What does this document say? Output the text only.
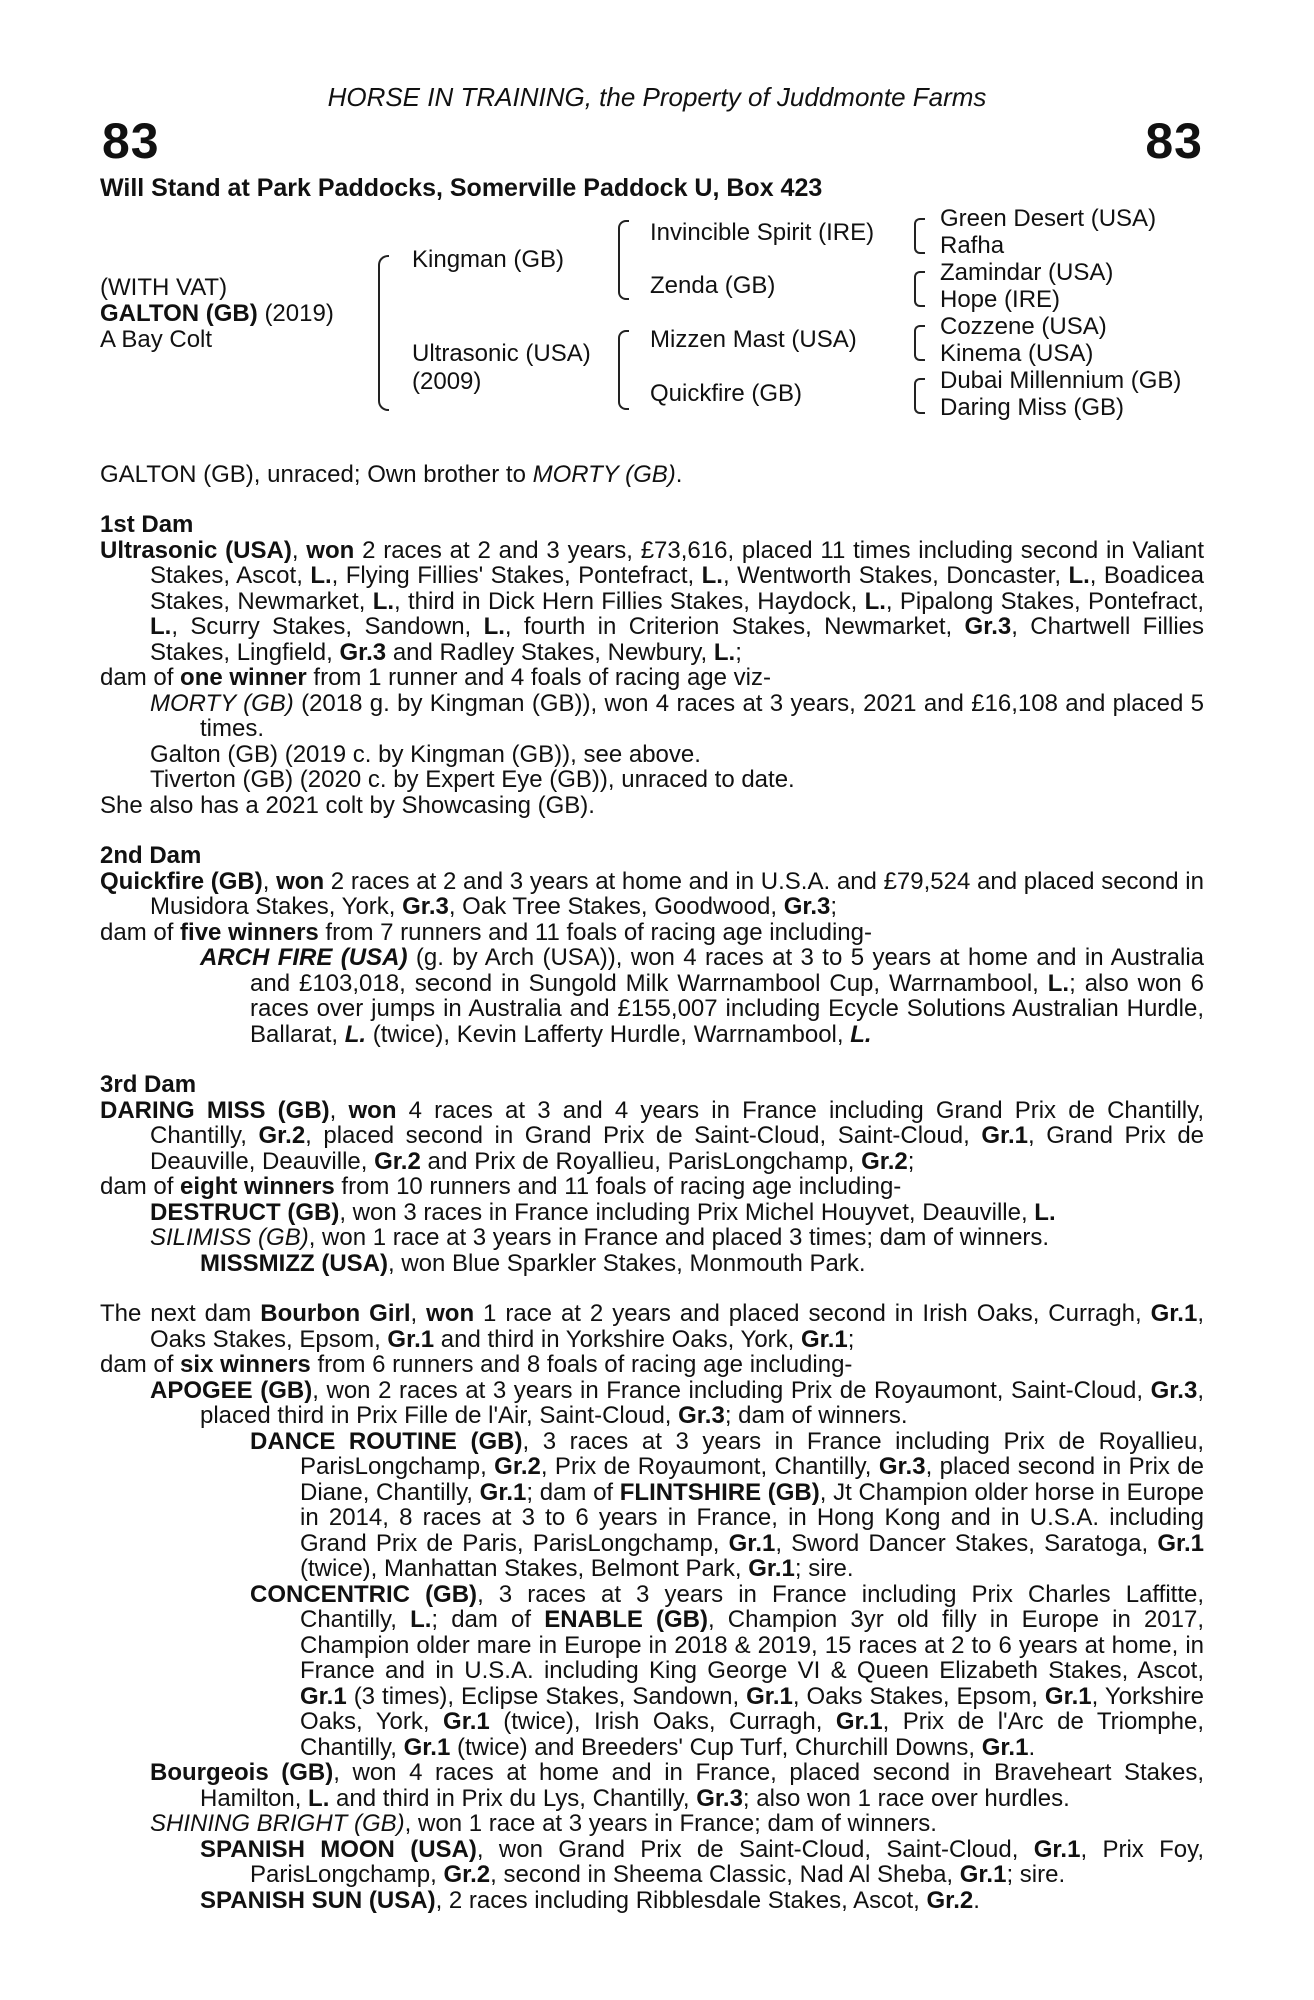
HORSE IN TRAINING, the Property of Juddmonte Farms
83	83
Will Stand at Park Paddocks, Somerville Paddock U, Box 423
(WITH VAT)
GALTON (GB) (2019)
A Bay Colt
Kingman (GB)
Ultrasonic (USA)
(2009)
Invincible Spirit (IRE)
Zenda (GB)
Mizzen Mast (USA)
Quickfire (GB)
Green Desert (USA)
Rafha
Zamindar (USA)
Hope (IRE)
Cozzene (USA)
Kinema (USA)
Dubai Millennium (GB)
Daring Miss (GB)

GALTON (GB), unraced; Own brother to MORTY (GB).

1st Dam

Ultrasonic (USA), won 2 races at 2 and 3 years, £73,616, placed 11 times including second in Valiant Stakes, Ascot, L., Flying Fillies' Stakes, Pontefract, L., Wentworth Stakes, Doncaster, L., Boadicea Stakes, Newmarket, L., third in Dick Hern Fillies Stakes, Haydock, L., Pipalong Stakes, Pontefract, L., Scurry Stakes, Sandown, L., fourth in Criterion Stakes, Newmarket, Gr.3, Chartwell Fillies Stakes, Lingfield, Gr.3 and Radley Stakes, Newbury, L.;

dam of one winner from 1 runner and 4 foals of racing age viz-

MORTY (GB) (2018 g. by Kingman (GB)), won 4 races at 3 years, 2021 and £16,108 and placed 5 times.

Galton (GB) (2019 c. by Kingman (GB)), see above.

Tiverton (GB) (2020 c. by Expert Eye (GB)), unraced to date.

She also has a 2021 colt by Showcasing (GB).

2nd Dam

Quickfire (GB), won 2 races at 2 and 3 years at home and in U.S.A. and £79,524 and placed second in Musidora Stakes, York, Gr.3, Oak Tree Stakes, Goodwood, Gr.3;

dam of five winners from 7 runners and 11 foals of racing age including-

ARCH FIRE (USA) (g. by Arch (USA)), won 4 races at 3 to 5 years at home and in Australia and £103,018, second in Sungold Milk Warrnambool Cup, Warrnambool, L.; also won 6 races over jumps in Australia and £155,007 including Ecycle Solutions Australian Hurdle, Ballarat, L. (twice), Kevin Lafferty Hurdle, Warrnambool, L.

3rd Dam

DARING MISS (GB), won 4 races at 3 and 4 years in France including Grand Prix de Chantilly, Chantilly, Gr.2, placed second in Grand Prix de Saint-Cloud, Saint-Cloud, Gr.1, Grand Prix de Deauville, Deauville, Gr.2 and Prix de Royallieu, ParisLongchamp, Gr.2;

dam of eight winners from 10 runners and 11 foals of racing age including-

DESTRUCT (GB), won 3 races in France including Prix Michel Houyvet, Deauville, L.

SILIMISS (GB), won 1 race at 3 years in France and placed 3 times; dam of winners.

MISSMIZZ (USA), won Blue Sparkler Stakes, Monmouth Park.

The next dam Bourbon Girl, won 1 race at 2 years and placed second in Irish Oaks, Curragh, Gr.1, Oaks Stakes, Epsom, Gr.1 and third in Yorkshire Oaks, York, Gr.1;

dam of six winners from 6 runners and 8 foals of racing age including-

APOGEE (GB), won 2 races at 3 years in France including Prix de Royaumont, Saint-Cloud, Gr.3, placed third in Prix Fille de l'Air, Saint-Cloud, Gr.3; dam of winners.

DANCE ROUTINE (GB), 3 races at 3 years in France including Prix de Royallieu, ParisLongchamp, Gr.2, Prix de Royaumont, Chantilly, Gr.3, placed second in Prix de Diane, Chantilly, Gr.1; dam of FLINTSHIRE (GB), Jt Champion older horse in Europe in 2014, 8 races at 3 to 6 years in France, in Hong Kong and in U.S.A. including Grand Prix de Paris, ParisLongchamp, Gr.1, Sword Dancer Stakes, Saratoga, Gr.1 (twice), Manhattan Stakes, Belmont Park, Gr.1; sire.

CONCENTRIC (GB), 3 races at 3 years in France including Prix Charles Laffitte, Chantilly, L.; dam of ENABLE (GB), Champion 3yr old filly in Europe in 2017, Champion older mare in Europe in 2018 & 2019, 15 races at 2 to 6 years at home, in France and in U.S.A. including King George VI & Queen Elizabeth Stakes, Ascot, Gr.1 (3 times), Eclipse Stakes, Sandown, Gr.1, Oaks Stakes, Epsom, Gr.1, Yorkshire Oaks, York, Gr.1 (twice), Irish Oaks, Curragh, Gr.1, Prix de l'Arc de Triomphe, Chantilly, Gr.1 (twice) and Breeders' Cup Turf, Churchill Downs, Gr.1.

Bourgeois (GB), won 4 races at home and in France, placed second in Braveheart Stakes, Hamilton, L. and third in Prix du Lys, Chantilly, Gr.3; also won 1 race over hurdles.

SHINING BRIGHT (GB), won 1 race at 3 years in France; dam of winners.

SPANISH MOON (USA), won Grand Prix de Saint-Cloud, Saint-Cloud, Gr.1, Prix Foy, ParisLongchamp, Gr.2, second in Sheema Classic, Nad Al Sheba, Gr.1; sire.

SPANISH SUN (USA), 2 races including Ribblesdale Stakes, Ascot, Gr.2.
